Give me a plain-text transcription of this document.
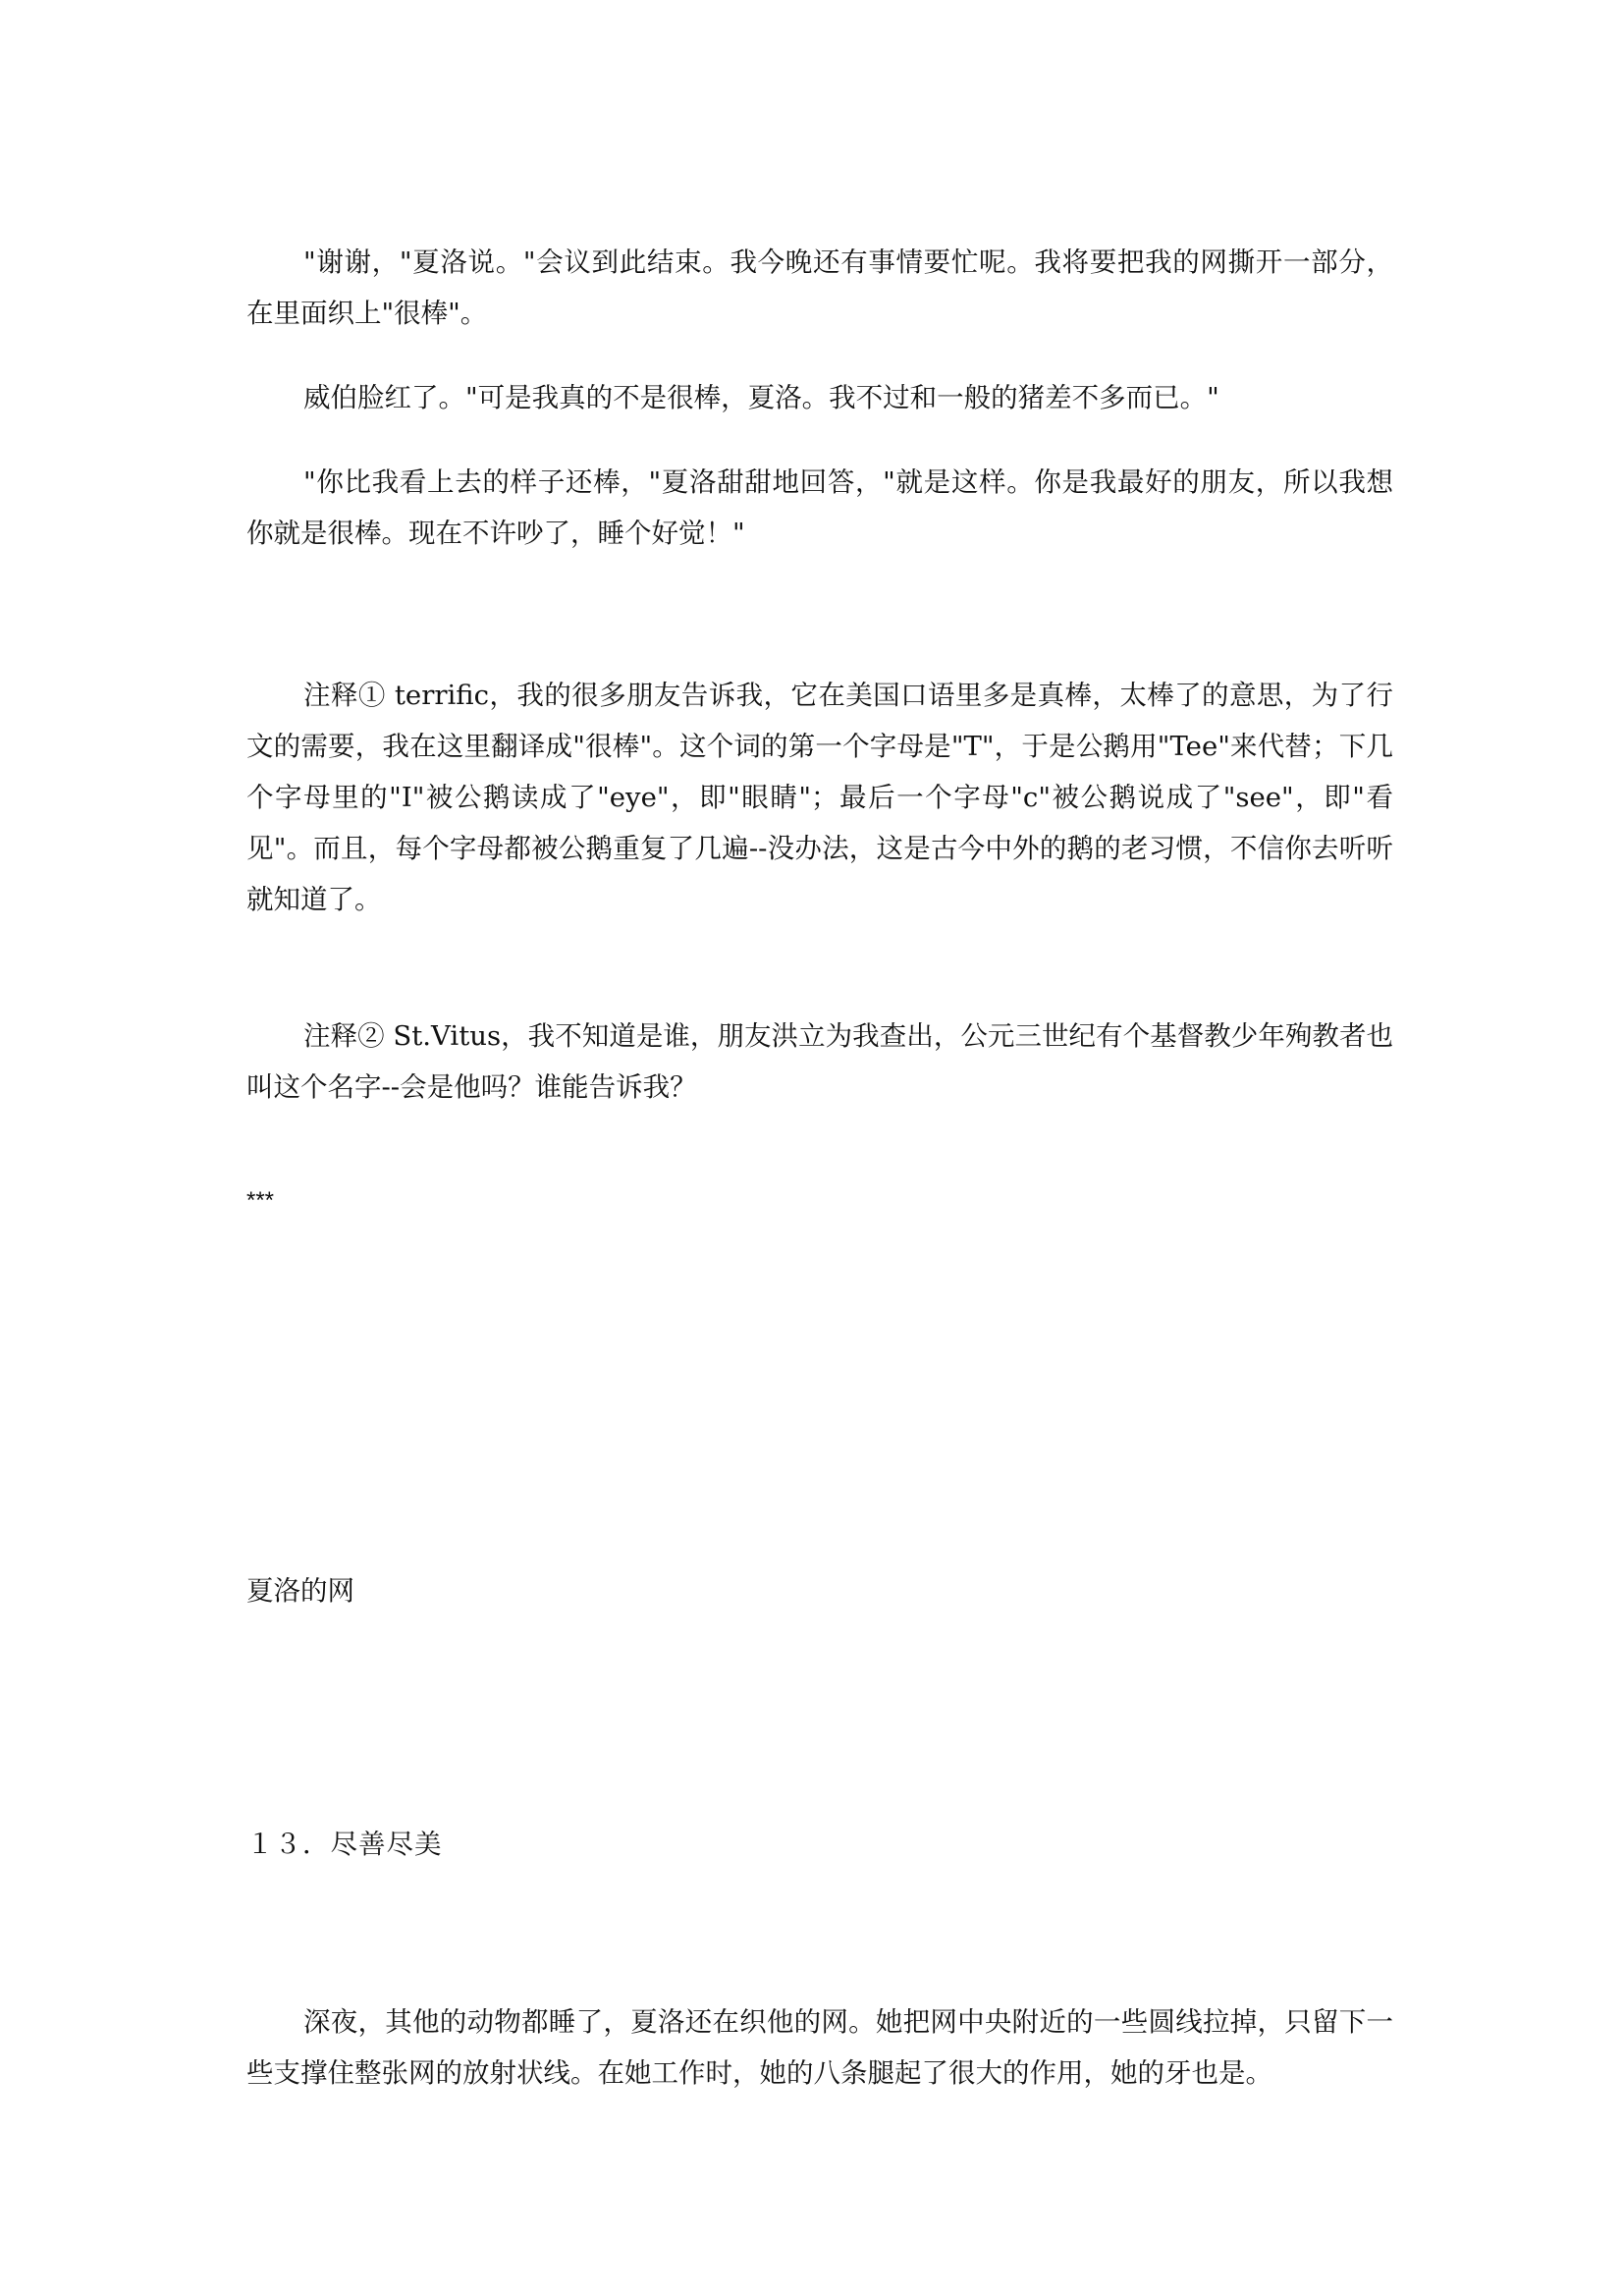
"谢谢，"夏洛说。"会议到此结束。我今晚还有事情要忙呢。我将要把我的网撕开一部分，在里面织上"很棒"。

威伯脸红了。"可是我真的不是很棒，夏洛。我不过和一般的猪差不多而已。"

"你比我看上去的样子还棒，"夏洛甜甜地回答，"就是这样。你是我最好的朋友，所以我想你就是很棒。现在不许吵了，睡个好觉！"

注释① terrific，我的很多朋友告诉我，它在美国口语里多是真棒，太棒了的意思，为了行文的需要，我在这里翻译成"很棒"。这个词的第一个字母是"T"，于是公鹅用"Tee"来代替；下几个字母里的"I"被公鹅读成了"eye"，即"眼睛"；最后一个字母"c"被公鹅说成了"see"，即"看见"。而且，每个字母都被公鹅重复了几遍--没办法，这是古今中外的鹅的老习惯，不信你去听听就知道了。

注释② St.Vitus，我不知道是谁，朋友洪立为我查出，公元三世纪有个基督教少年殉教者也叫这个名字--会是他吗？谁能告诉我？

***

夏洛的网

１３．尽善尽美

深夜，其他的动物都睡了，夏洛还在织他的网。她把网中央附近的一些圆线拉掉，只留下一些支撑住整张网的放射状线。在她工作时，她的八条腿起了很大的作用，她的牙也是。
